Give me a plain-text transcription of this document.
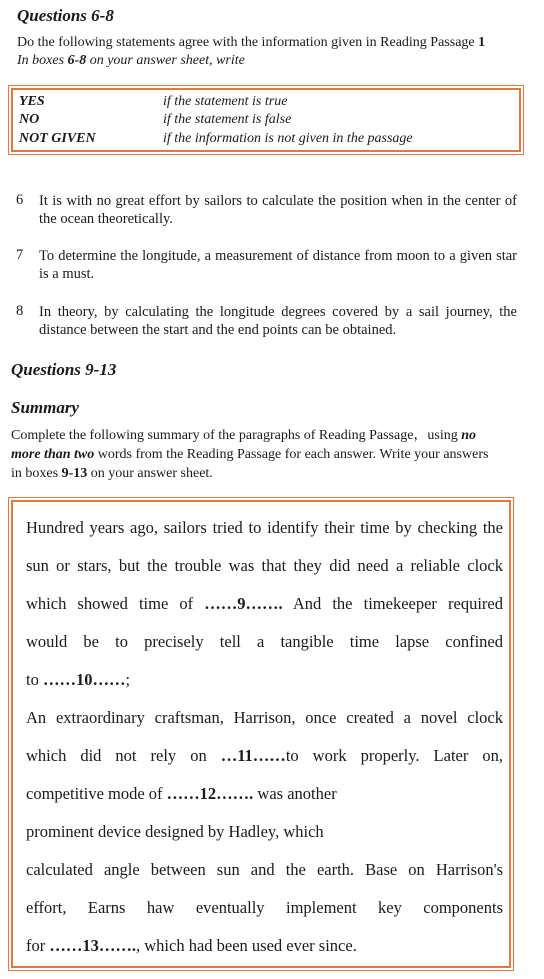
Questions 6-8
Do the following statements agree with the information given in Reading Passage 1
In boxes 6-8 on your answer sheet, write
YES	if the statement is true
NO	if the statement is false
NOT GIVEN	if the information is not given in the passage
6 It is with no great effort by sailors to calculate the position when in the center of the ocean theoretically.
7 To determine the longitude, a measurement of distance from moon to a given star is a must.
8 In theory, by calculating the longitude degrees covered by a sail journey, the distance between the start and the end points can be obtained.
Questions 9-13
Summary
Complete the following summary of the paragraphs of Reading Passage，using no
more than two words from the Reading Passage for each answer. Write your answers
in boxes 9-13 on your answer sheet.
Hundred years ago, sailors tried to identify their time by checking the
sun or stars, but the trouble was that they did need a reliable clock
which showed time of ……9……. And the timekeeper required
would be to precisely tell a tangible time lapse confined
to ……10……;
An extraordinary craftsman, Harrison, once created a novel clock
which did not rely on …11……to work properly. Later on,
competitive mode of ……12……. was another
prominent device designed by Hadley, which
calculated angle between sun and the earth. Base on Harrison's
effort, Earns haw eventually implement key components
for ……13……., which had been used ever since.
